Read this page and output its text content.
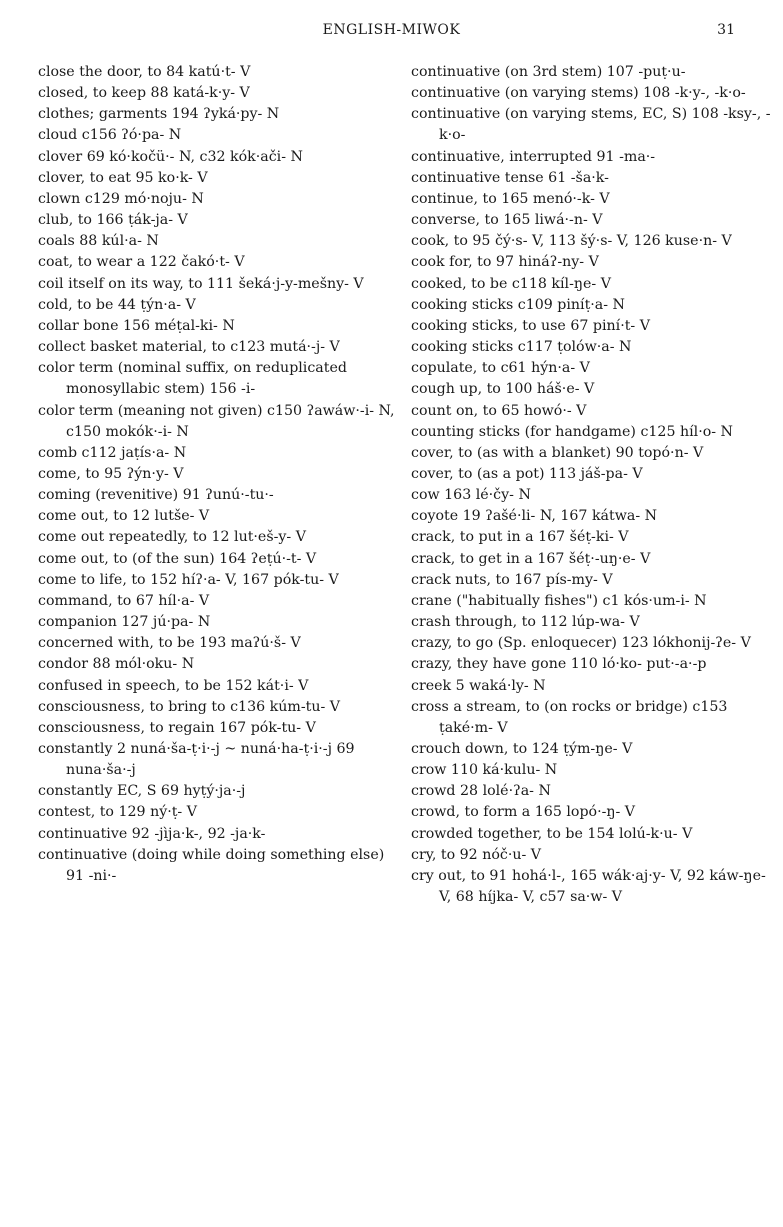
ENGLISH-MIWOK	31

close the door, to 84 katú·t- V

closed, to keep 88 katá-k·y- V

clothes; garments 194 ʔyká·py- N

cloud c156 ʔó·pa- N

clover 69 kó·kočü·- N, c32 kók·ači- N

clover, to eat 95 ko·k- V

clown c129 mó·noju- N

club, to 166 ṭák-ja- V

coals 88 kúl·a- N

coat, to wear a 122 čakó·t- V

coil itself on its way, to 111 šeká·j-y-mešny- V

cold, to be 44 ṭýn·a- V

collar bone 156 méṭal-ki- N

collect basket material, to c123 mutá·-j- V

color term (nominal suffix, on reduplicated monosyllabic stem) 156 -i-

color term (meaning not given) c150 ʔawáw·-i- N, c150 mokók·-i- N

comb c112 jaṭís·a- N

come, to 95 ʔýn·y- V

coming (revenitive) 91 ʔunú·-tu·-

come out, to 12 lutše- V

come out repeatedly, to 12 lut·eš-y- V

come out, to (of the sun) 164 ʔeṭú·-t- V

come to life, to 152 híʔ·a- V, 167 pók-tu- V

command, to 67 híl·a- V

companion 127 jú·pa- N

concerned with, to be 193 maʔú·š- V

condor 88 mól·oku- N

confused in speech, to be 152 kát·i- V

consciousness, to bring to c136 kúm-tu- V

consciousness, to regain 167 pók-tu- V

constantly 2 nuná·ša-ṭ·i·-j ~ nuná·ha-ṭ·i·-j 69 nuna·ša·-j

constantly EC, S 69 hyṭý·ja·-j

contest, to 129 ný·ṭ- V

continuative 92 -jìja·k-, 92 -ja·k-

continuative (doing while doing something else) 91 -ni·-

continuative (on 3rd stem) 107 -puṭ·u-

continuative (on varying stems) 108 -k·y-, -k·o-

continuative (on varying stems, EC, S) 108 -ksy-, -k·o-

continuative, interrupted 91 -ma·-

continuative tense 61 -ša·k-

continue, to 165 menó·-k- V

converse, to 165 liwá·-n- V

cook, to 95 čý·s- V, 113 šý·s- V, 126 kuse·n- V

cook for, to 97 hináʔ-ny- V

cooked, to be c118 kíl-ŋe- V

cooking sticks c109 piníṭ·a- N

cooking sticks, to use 67 piní·t- V

cooking sticks c117 ṭolów·a- N

copulate, to c61 hýn·a- V

cough up, to 100 háš·e- V

count on, to 65 howó·- V

counting sticks (for handgame) c125 híl·o- N

cover, to (as with a blanket) 90 topó·n- V

cover, to (as a pot) 113 jáš-pa- V

cow 163 lé·čy- N

coyote 19 ʔašé·li- N, 167 kátwa- N

crack, to put in a 167 šéṭ-ki- V

crack, to get in a 167 šéṭ·-uŋ·e- V

crack nuts, to 167 pís-my- V

crane ("habitually fishes") c1 kós·um-i- N

crash through, to 112 lúp-wa- V

crazy, to go (Sp. enloquecer) 123 lókhonij-ʔe- V

crazy, they have gone 110 ló·ko- put·-a·-p

creek 5 waká·ly- N

cross a stream, to (on rocks or bridge) c153 ṭaké·m- V

crouch down, to 124 ṭým-ŋe- V

crow 110 ká·kulu- N

crowd 28 lolé·ʔa- N

crowd, to form a 165 lopó·-ŋ- V

crowded together, to be 154 lolú-k·u- V

cry, to 92 nóč·u- V

cry out, to 91 hohá·l-, 165 wák·aj·y- V, 92 káw-ŋe- V, 68 híjka- V, c57 sa·w- V
